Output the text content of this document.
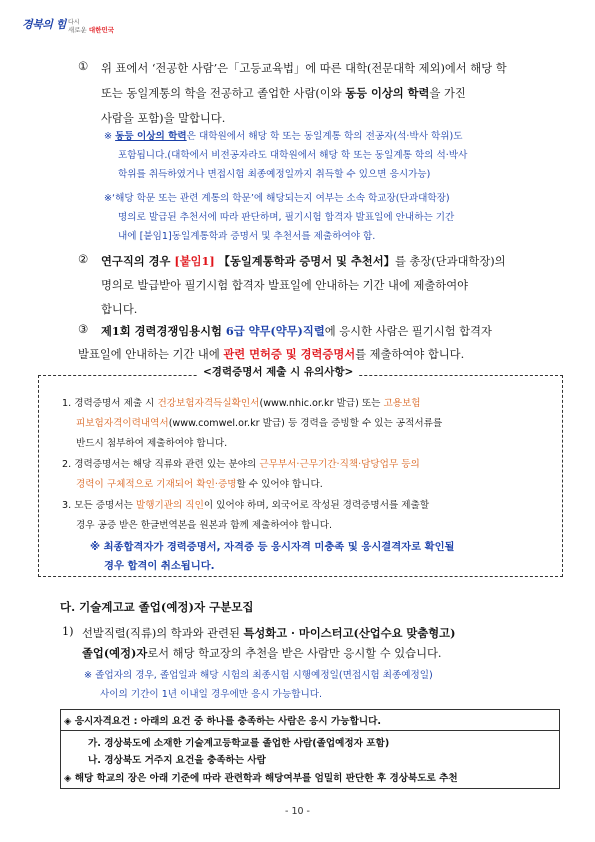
경북의 힘 다시
새로운 대한민국
① 위 표에서 ‘전공한 사람’은「고등교육법」에 따른 대학(전문대학 제외)에서 해당 학
또는 동일계통의 학을 전공하고 졸업한 사람(이와 동등 이상의 학력을 가진
사람을 포함)을 말합니다.
※ 동등 이상의 학력은 대학원에서 해당 학 또는 동일계통 학의 전공자(석·박사 학위)도
포함됩니다.(대학에서 비전공자라도 대학원에서 해당 학 또는 동일계통 학의 석·박사
학위를 취득하였거나 면접시험 최종예정일까지 취득할 수 있으면 응시가능)
※‘해당 학문 또는 관련 계통의 학문’에 해당되는지 여부는 소속 학교장(단과대학장)
명의로 발급된 추천서에 따라 판단하며, 필기시험 합격자 발표일에 안내하는 기간
내에 [붙임1]동일계통학과 증명서 및 추천서를 제출하여야 함.
② 연구직의 경우 [붙임1] 【동일계통학과 증명서 및 추천서】를 총장(단과대학장)의
명의로 발급받아 필기시험 합격자 발표일에 안내하는 기간 내에 제출하여야
합니다.
③ 제1회 경력경쟁임용시험 6급 약무(약무)직렬에 응시한 사람은 필기시험 합격자
발표일에 안내하는 기간 내에 관련 면허증 및 경력증명서를 제출하여야 합니다.
<경력증명서 제출 시 유의사항>
1. 경력증명서 제출 시 건강보험자격득실확인서(www.nhic.or.kr 발급) 또는 고용보험
피보험자격이력내역서(www.comwel.or.kr 발급) 등 경력을 증빙할 수 있는 공적서류를
반드시 첨부하여 제출하여야 합니다.
2. 경력증명서는 해당 직류와 관련 있는 분야의 근무부서·근무기간·직책·담당업무 등의
경력이 구체적으로 기재되어 확인·증명할 수 있어야 합니다.
3. 모든 증명서는 발행기관의 직인이 있어야 하며, 외국어로 작성된 경력증명서를 제출할
경우 공증 받은 한글번역본을 원본과 함께 제출하여야 합니다.
※ 최종합격자가 경력증명서, 자격증 등 응시자격 미충족 및 응시결격자로 확인될
경우 합격이 취소됩니다.
다. 기술계고교 졸업(예정)자 구분모집
1) 선발직렬(직류)의 학과와 관련된 특성화고 · 마이스터고(산업수요 맞춤형고)
졸업(예정)자로서 해당 학교장의 추천을 받은 사람만 응시할 수 있습니다.
※ 졸업자의 경우, 졸업일과 해당 시험의 최종시험 시행예정일(면접시험 최종예정일)
사이의 기간이 1년 이내일 경우에만 응시 가능합니다.
◈ 응시자격요건 : 아래의 요건 중 하나를 충족하는 사람은 응시 가능합니다.
가. 경상북도에 소재한 기술계고등학교를 졸업한 사람(졸업예정자 포함)
나. 경상북도 거주지 요건을 충족하는 사람
◈ 해당 학교의 장은 아래 기준에 따라 관련학과 해당여부를 엄밀히 판단한 후 경상북도로 추천
- 10 -
